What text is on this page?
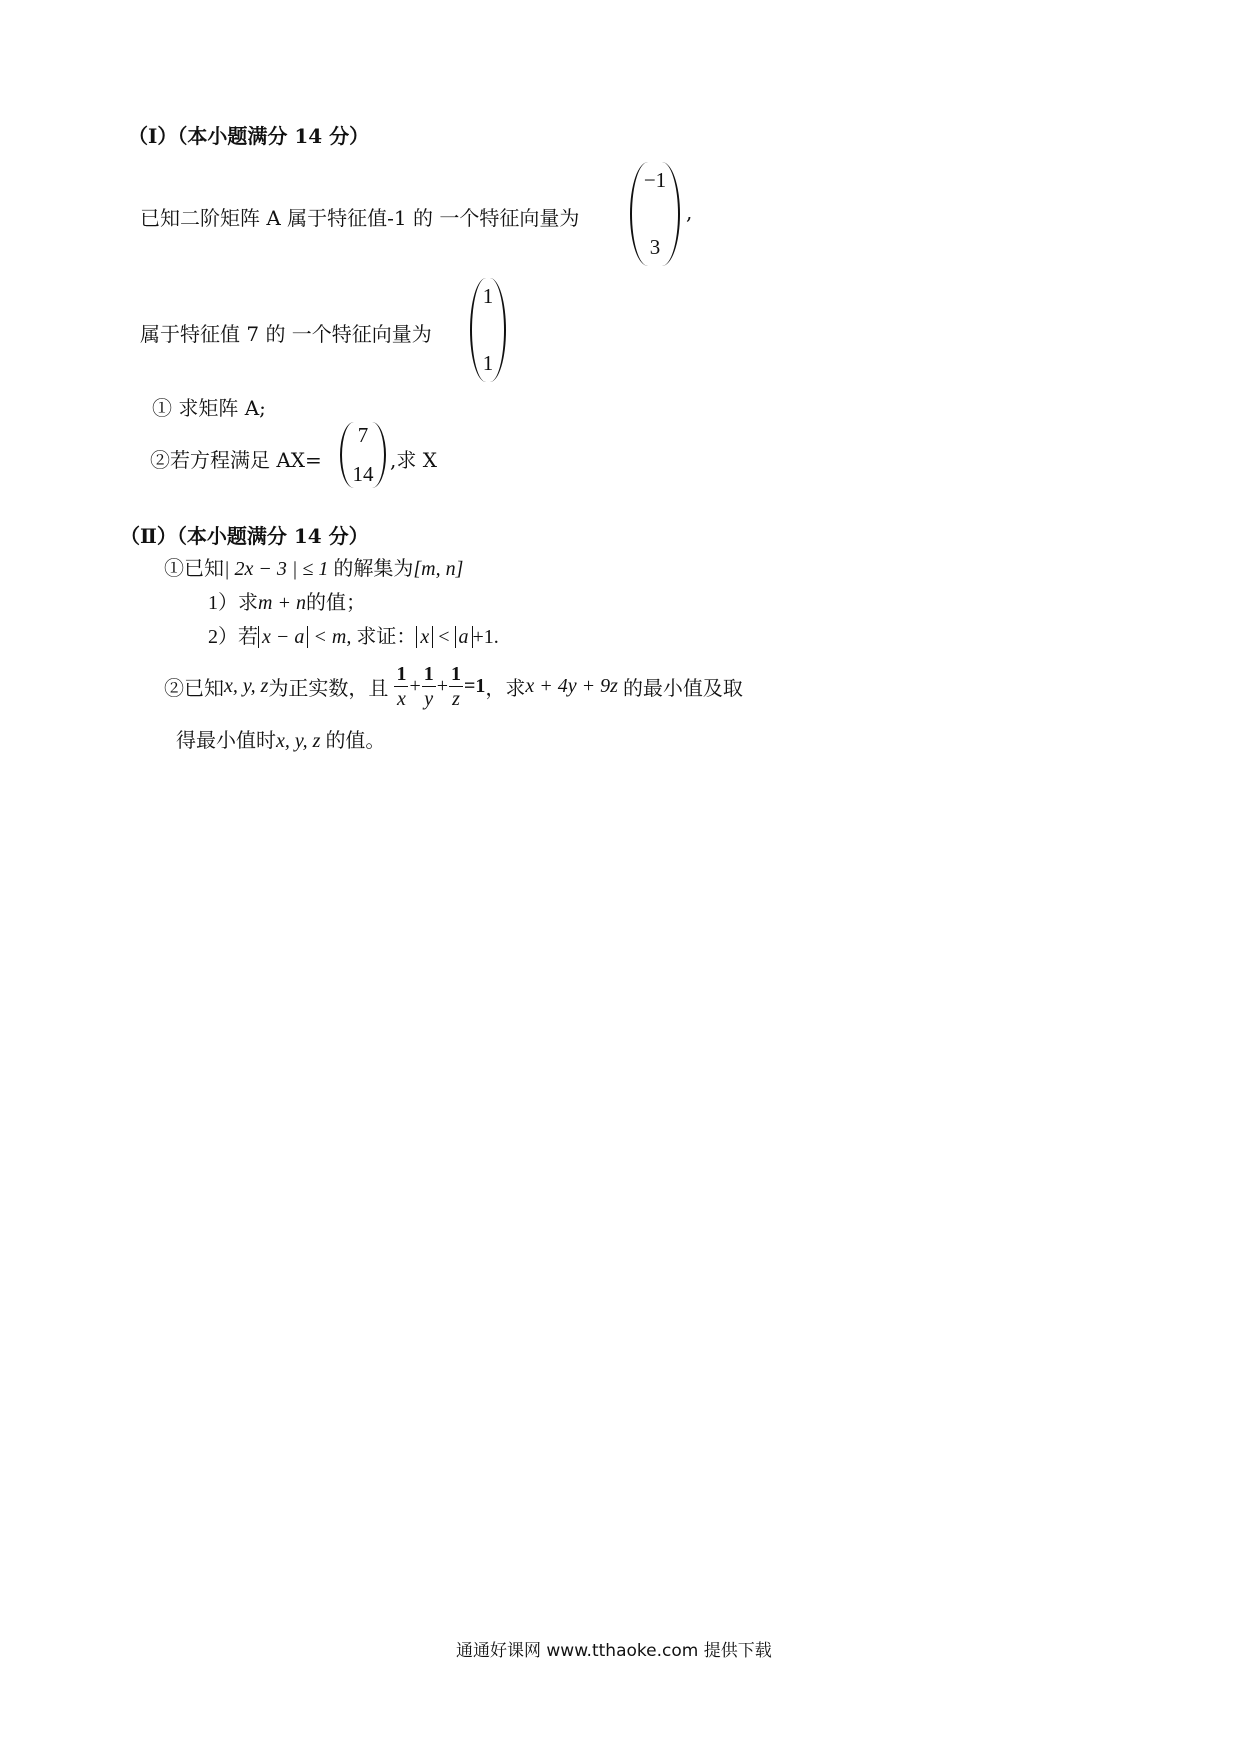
（Ⅰ）（本小题满分 14 分）
已知二阶矩阵 A 属于特征值-1 的 一个特征向量为
−1
3
,
属于特征值 7 的 一个特征向量为
1
1
① 求矩阵 A;
②若方程满足 AX=
7
14
,求 X
（Ⅱ）（本小题满分 14 分）
①已知| 2x − 3 | ≤ 1 的解集为[m, n]
1）求m + n的值；
2）若 x − a < m, 求证： x < a +1.
②已知x, y, z为正实数，且 $\frac{1}{x} + \frac{1}{y} + \frac{1}{z} =1$，求x + 4y + 9z 的最小值及取
得最小值时x, y, z 的值。
通通好课网 www.tthaoke.com 提供下载
